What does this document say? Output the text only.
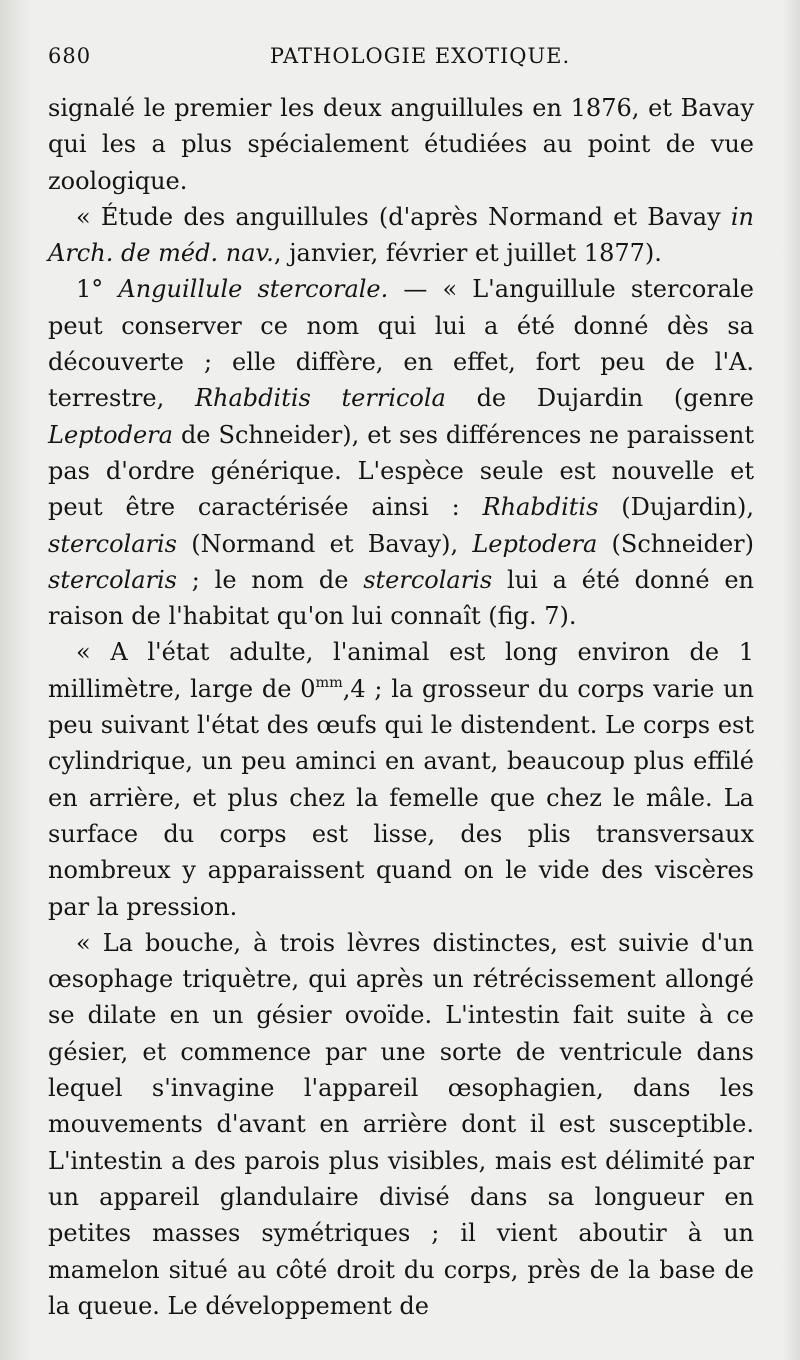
680	PATHOLOGIE EXOTIQUE.

signalé le premier les deux anguillules en 1876, et Bavay qui les a plus spécialement étudiées au point de vue zoologique.

« Étude des anguillules (d'après Normand et Bavay in Arch. de méd. nav., janvier, février et juillet 1877).

1° Anguillule stercorale. — « L'anguillule stercorale peut conserver ce nom qui lui a été donné dès sa découverte ; elle diffère, en effet, fort peu de l'A. terrestre, Rhabditis terricola de Dujardin (genre Leptodera de Schneider), et ses différences ne paraissent pas d'ordre générique. L'espèce seule est nouvelle et peut être caractérisée ainsi : Rhabditis (Dujardin), stercolaris (Normand et Bavay), Leptodera (Schneider) stercolaris ; le nom de stercolaris lui a été donné en raison de l'habitat qu'on lui connaît (fig. 7).

« A l'état adulte, l'animal est long environ de 1 millimètre, large de $0^{mm},4$ ; la grosseur du corps varie un peu suivant l'état des œufs qui le distendent. Le corps est cylindrique, un peu aminci en avant, beaucoup plus effilé en arrière, et plus chez la femelle que chez le mâle. La surface du corps est lisse, des plis transversaux nombreux y apparaissent quand on le vide des viscères par la pression.

« La bouche, à trois lèvres distinctes, est suivie d'un œsophage triquètre, qui après un rétrécissement allongé se dilate en un gésier ovoïde. L'intestin fait suite à ce gésier, et commence par une sorte de ventricule dans lequel s'invagine l'appareil œsophagien, dans les mouvements d'avant en arrière dont il est susceptible. L'intestin a des parois plus visibles, mais est délimité par un appareil glandulaire divisé dans sa longueur en petites masses symétriques ; il vient aboutir à un mamelon situé au côté droit du corps, près de la base de la queue. Le développement de
